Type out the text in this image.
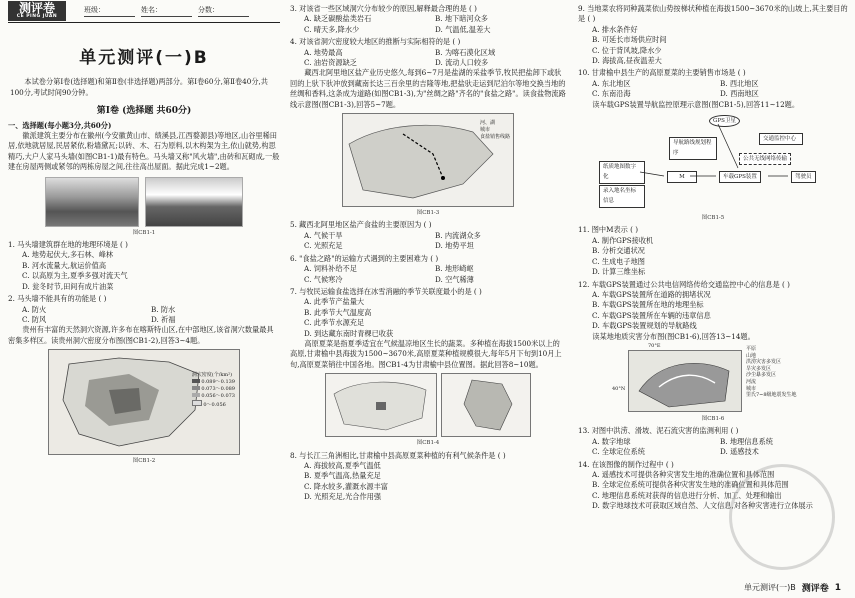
测评卷
CE PING JUAN
班级：	姓名：	分数：
单元测评(一)B

本试卷分第Ⅰ卷(选择题)和第Ⅱ卷(非选择题)两部分。第Ⅰ卷60分,第Ⅱ卷40分,共100分,考试时间90分钟。

第Ⅰ卷 (选择题 共60分)

一、选择题(每小题3分,共60分)

徽派建筑主要分布在徽州(今安徽黄山市、绩溪县,江西婺源县)等地区,山谷里稀田居,依地就居屋,民居紧依,粉墙黛瓦;以砖、木、石为原料,以木构架为主,依山就势,构思精巧,大户人家马头墙(如图CB1-1)最有特色。马头墙又称"风火墙",由砖和瓦砌成,一般建在房屋两侧或紧邻的两栋房屋之间,往往高出屋面。据此完成1~2题。

图CB1-1

1. 马头墙建筑群在地的地理环境是 ( )

A. 地势起伏大,多石林、峰林

B. 河水流量大,航运价值高

C. 以高原为主,夏季多强对流天气

D. 瓮冬时节,田间有成片油菜

2. 马头墙不能具有的功能是 ( )

A. 防火	B. 防水
C. 防风	D. 祈福

贵州有丰富的天然洞穴资源,许多布在喀斯特山区,在中部地区,该省洞穴数量最具密集多样区。读贵州洞穴密度分布图(图CB1-2),回答3~4题。

洞穴密度(个/km²)
0.089～0.139
0.073～0.089
0.056～0.073
0～0.056
图CB1-2

3. 对该省一些区域洞穴分布较少的原因,解释最合理的是 ( )

A. 缺乏碳酸盐类岩石	B. 地下暗河众多
C. 晴天多,降水少	D. 气温低,温差大

4. 对该省洞穴密度较大地区的推断与实际相符的是 ( )

A. 地势最高	B. 为喀石漠化区域
C. 油岩资源缺乏	D. 流动人口较多

藏西北阿里地区盐产业历史悠久,每到6~7月是盐湖的采盐季节,牧民把盐卸下或驮回的上驮下驮冲放到藏南长达三百余里的吉隆等地,把盐驮走运到尼泊尔等地交换当地的丝绸和香料,这条成为道路(如图CB1-3),为"丝绸之路"齐名的"食盐之路"。读食盐物流路线示意图(图CB1-3),回答5~7题。

河、湖
城市
食盐销售线路
图CB1-3

5. 藏西北阿里地区盐产食盐的主要原因为 ( )

A. 气候干旱	B. 内流湖众多
C. 光照充足	D. 地势平坦

6. "食盐之路"的运输方式遇到的主要困难为 ( )

A. 饲料补给不足	B. 地形崎岖
C. 气候寒冷	D. 空气稀薄

7. 与牧民运输食盐选择在冰雪消融的季节关联度最小的是 ( )

A. 此季节产盐量大

B. 此季节大气温度高

C. 此季节水源充足

D. 到达藏东南时青稞已收获

高原夏菜是指夏季适宜在气候温凉地区生长的蔬菜。多种植在海拔1500米以上的高原,甘肃榆中县海拔为1500~3670米,高原夏菜种植规模很大,每年5月下旬到10月上旬,高原夏菜销往中国各地。图CB1-4为甘肃榆中县位置图。据此回答8~10题。

图CB1-4

8. 与长江三角洲相比,甘肃榆中县高原夏菜种植的有利气候条件是 ( )

A. 海拔较高,夏季气温低

B. 夏季气温高,热量充足

C. 降水较多,灌溉水源丰富

D. 光照充足,光合作用强

9. 当地菜农将同种蔬菜依山势按梯状种植在海拔1500~3670米的山坡上,其主要目的是 ( )

A. 排水条件好

B. 可延长市场供应时间

C. 位于背风坡,降水少

D. 海拔高,昼夜温差大

10. 甘肃榆中县生产的高原夏菜的主要销售市场是 ( )

A. 东北地区	B. 西北地区
C. 东南沿海	D. 西南地区

读车载GPS装置导航监控原理示意图(图CB1-5),回答11~12题。

GPS卫星
导航路线规划程序
交通监控中心
公共无线网络传输
纸质地图数字化	M	车载GPS装置	驾驶员
录入地名坐标信息
图CB1-5

11. 图中M表示 ( )

A. 制作GPS接收机

B. 分析交通状况

C. 生成电子地图

D. 计算三维坐标

12. 车载GPS装置通过公共电信网络传给交通监控中心的信息是 ( )

A. 车载GPS装置所在道路的拥堵状况

B. 车载GPS装置所在地的地理坐标

C. 车载GPS装置所在车辆的违章信息

D. 车载GPS装置规划的导航路线

读某地地质灾害分布图(图CB1-6),回答13~14题。

70°E
40°N
平原
山地
洪涝灾害多发区
旱灾多发区
沙尘暴多发区
河流
城市
里氏7~8级地震发生地
图CB1-6

13. 对图中洪涝、滑坡、泥石流灾害的监测利用 ( )

A. 数字地球	B. 地理信息系统
C. 全球定位系统	D. 遥感技术

14. 在该图像的制作过程中 ( )

A. 遥感技术可提供各种灾害发生地的准确位置和具体范围

B. 全球定位系统可提供各种灾害发生地的准确位置和具体范围

C. 地理信息系统对获得的信息进行分析、加工、处理和输出

D. 数字地球技术可获取区域自然、人文信息,对各种灾害进行立体展示

单元测评(一)B 测评卷 1
